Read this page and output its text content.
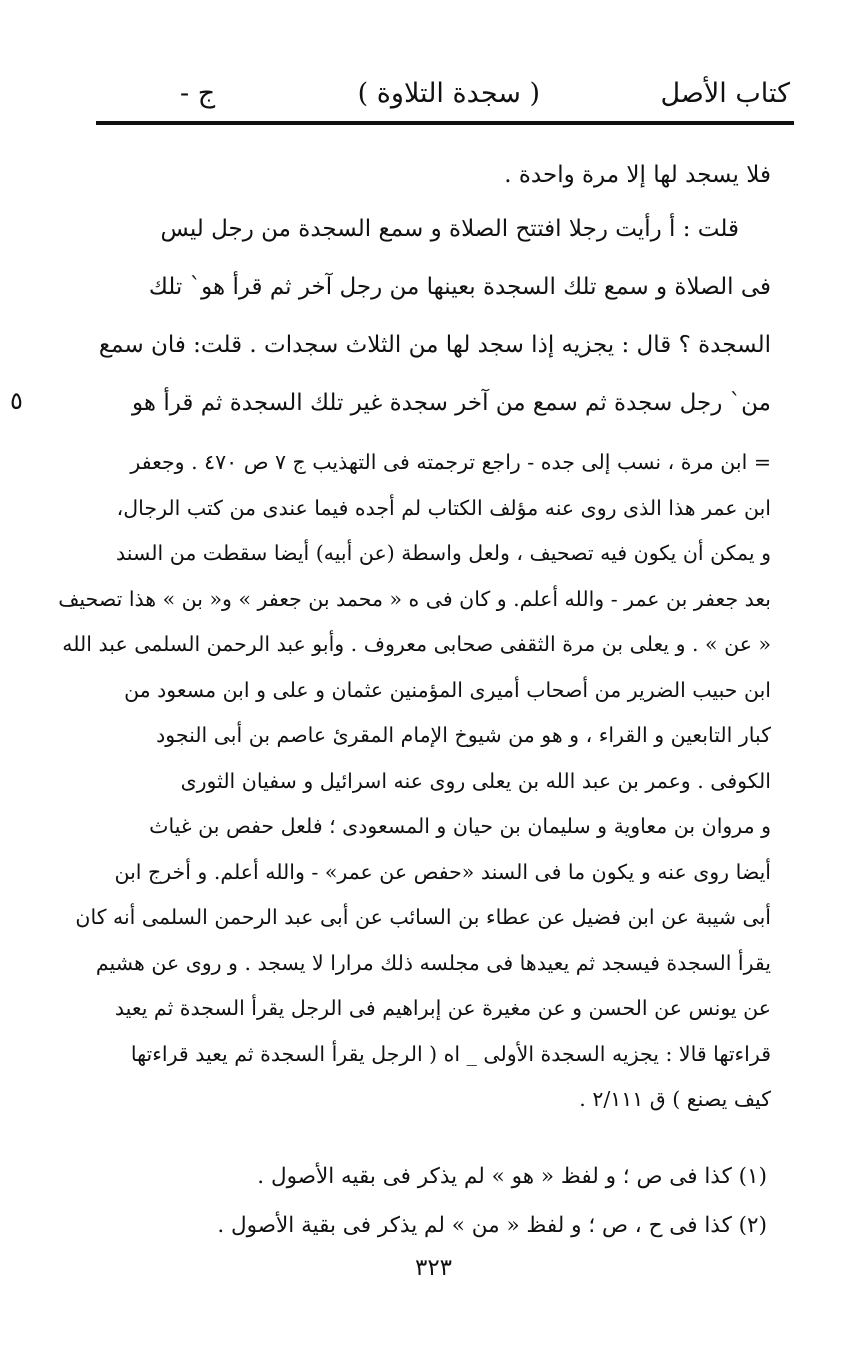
كتاب الأصل
( سجدة التلاوة )
ج -

فلا يسجد لها إلا مرة واحدة .

قلت : أ رأيت رجلا افتتح الصلاة و سمع السجدة من رجل ليس

فى الصلاة و سمع تلك السجدة بعينها من رجل آخر ثم قرأ هو` تلك

السجدة ؟ قال : يجزيه إذا سجد لها من الثلاث سجدات . قلت: فان سمع

من` رجل سجدة ثم سمع من آخر سجدة غير تلك السجدة ثم قرأ هو

٥

= ابن مرة ، نسب إلى جده - راجع ترجمته فى التهذيب ج ٧ ص ٤٧٠ . وجعفر

ابن عمر هذا الذى روى عنه مؤلف الكتاب لم أجده فيما عندى من كتب الرجال،

و يمكن أن يكون فيه تصحيف ، ولعل واسطة (عن أبيه) أيضا سقطت من السند

بعد جعفر بن عمر - والله أعلم. و كان فى ه « محمد بن جعفر » و« بن » هذا تصحيف

« عن » . و يعلى بن مرة الثقفى صحابى معروف . وأبو عبد الرحمن السلمى عبد الله

ابن حبيب الضرير من أصحاب أميرى المؤمنين عثمان و على و ابن مسعود من

كبار التابعين و القراء ، و هو من شيوخ الإمام المقرئ عاصم بن أبى النجود

الكوفى . وعمر بن عبد الله بن يعلى روى عنه اسرائيل و سفيان الثورى

و مروان بن معاوية و سليمان بن حيان و المسعودى ؛ فلعل حفص بن غياث

أيضا روى عنه و يكون ما فى السند «حفص عن عمر» - والله أعلم. و أخرج ابن

أبى شيبة عن ابن فضيل عن عطاء بن السائب عن أبى عبد الرحمن السلمى أنه كان

يقرأ السجدة فيسجد ثم يعيدها فى مجلسه ذلك مرارا لا يسجد . و روى عن هشيم

عن يونس عن الحسن و عن مغيرة عن إبراهيم فى الرجل يقرأ السجدة ثم يعيد

قراءتها قالا : يجزيه السجدة الأولى _ اه ( الرجل يقرأ السجدة ثم يعيد قراءتها

كيف يصنع ) ق ٢/١١١ .

(١) كذا فى ص ؛ و لفظ « هو » لم يذكر فى بقيه الأصول .

(٢) كذا فى ح ، ص ؛ و لفظ « من » لم يذكر فى بقية الأصول .

٣٢٣
